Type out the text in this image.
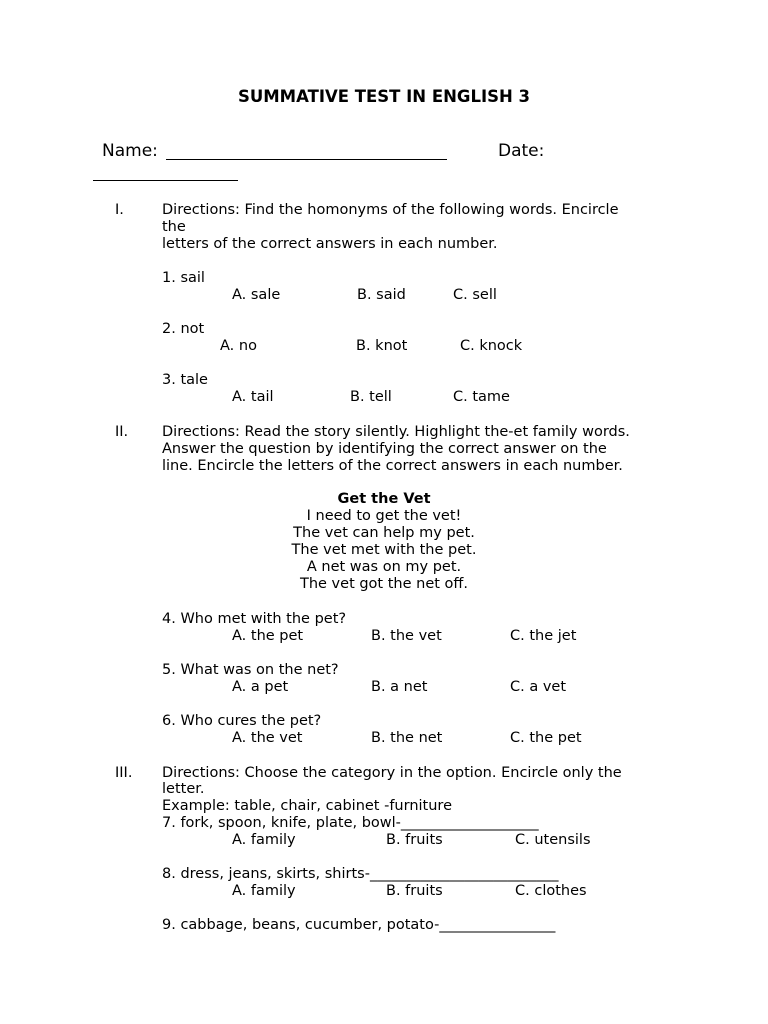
SUMMATIVE TEST IN ENGLISH 3
Name:	Date:
I.	Directions: Find the homonyms of the following words. Encircle
the
letters of the correct answers in each number.
1. sail
A. sale	B. said	C. sell
2. not
A. no	B. knot	C. knock
3. tale
A. tail	B. tell	C. tame
II. Directions: Read the story silently. Highlight the-et family words.
Answer the question by identifying the correct answer on the
line. Encircle the letters of the correct answers in each number.
Get the Vet
I need to get the vet!
The vet can help my pet.
The vet met with the pet.
A net was on my pet.
The vet got the net off.
4. Who met with the pet?
A. the pet	B. the vet	C. the jet
5. What was on the net?
A. a pet	B. a net	C. a vet
6. Who cures the pet?
A. the vet	B. the net	C. the pet
III. Directions: Choose the category in the option. Encircle only the
letter.
Example: table, chair, cabinet -furniture
7. fork, spoon, knife, plate, bowl-___________________
A. family	B. fruits	C. utensils
8. dress, jeans, skirts, shirts-__________________________
A. family	B. fruits	C. clothes
9. cabbage, beans, cucumber, potato-________________
